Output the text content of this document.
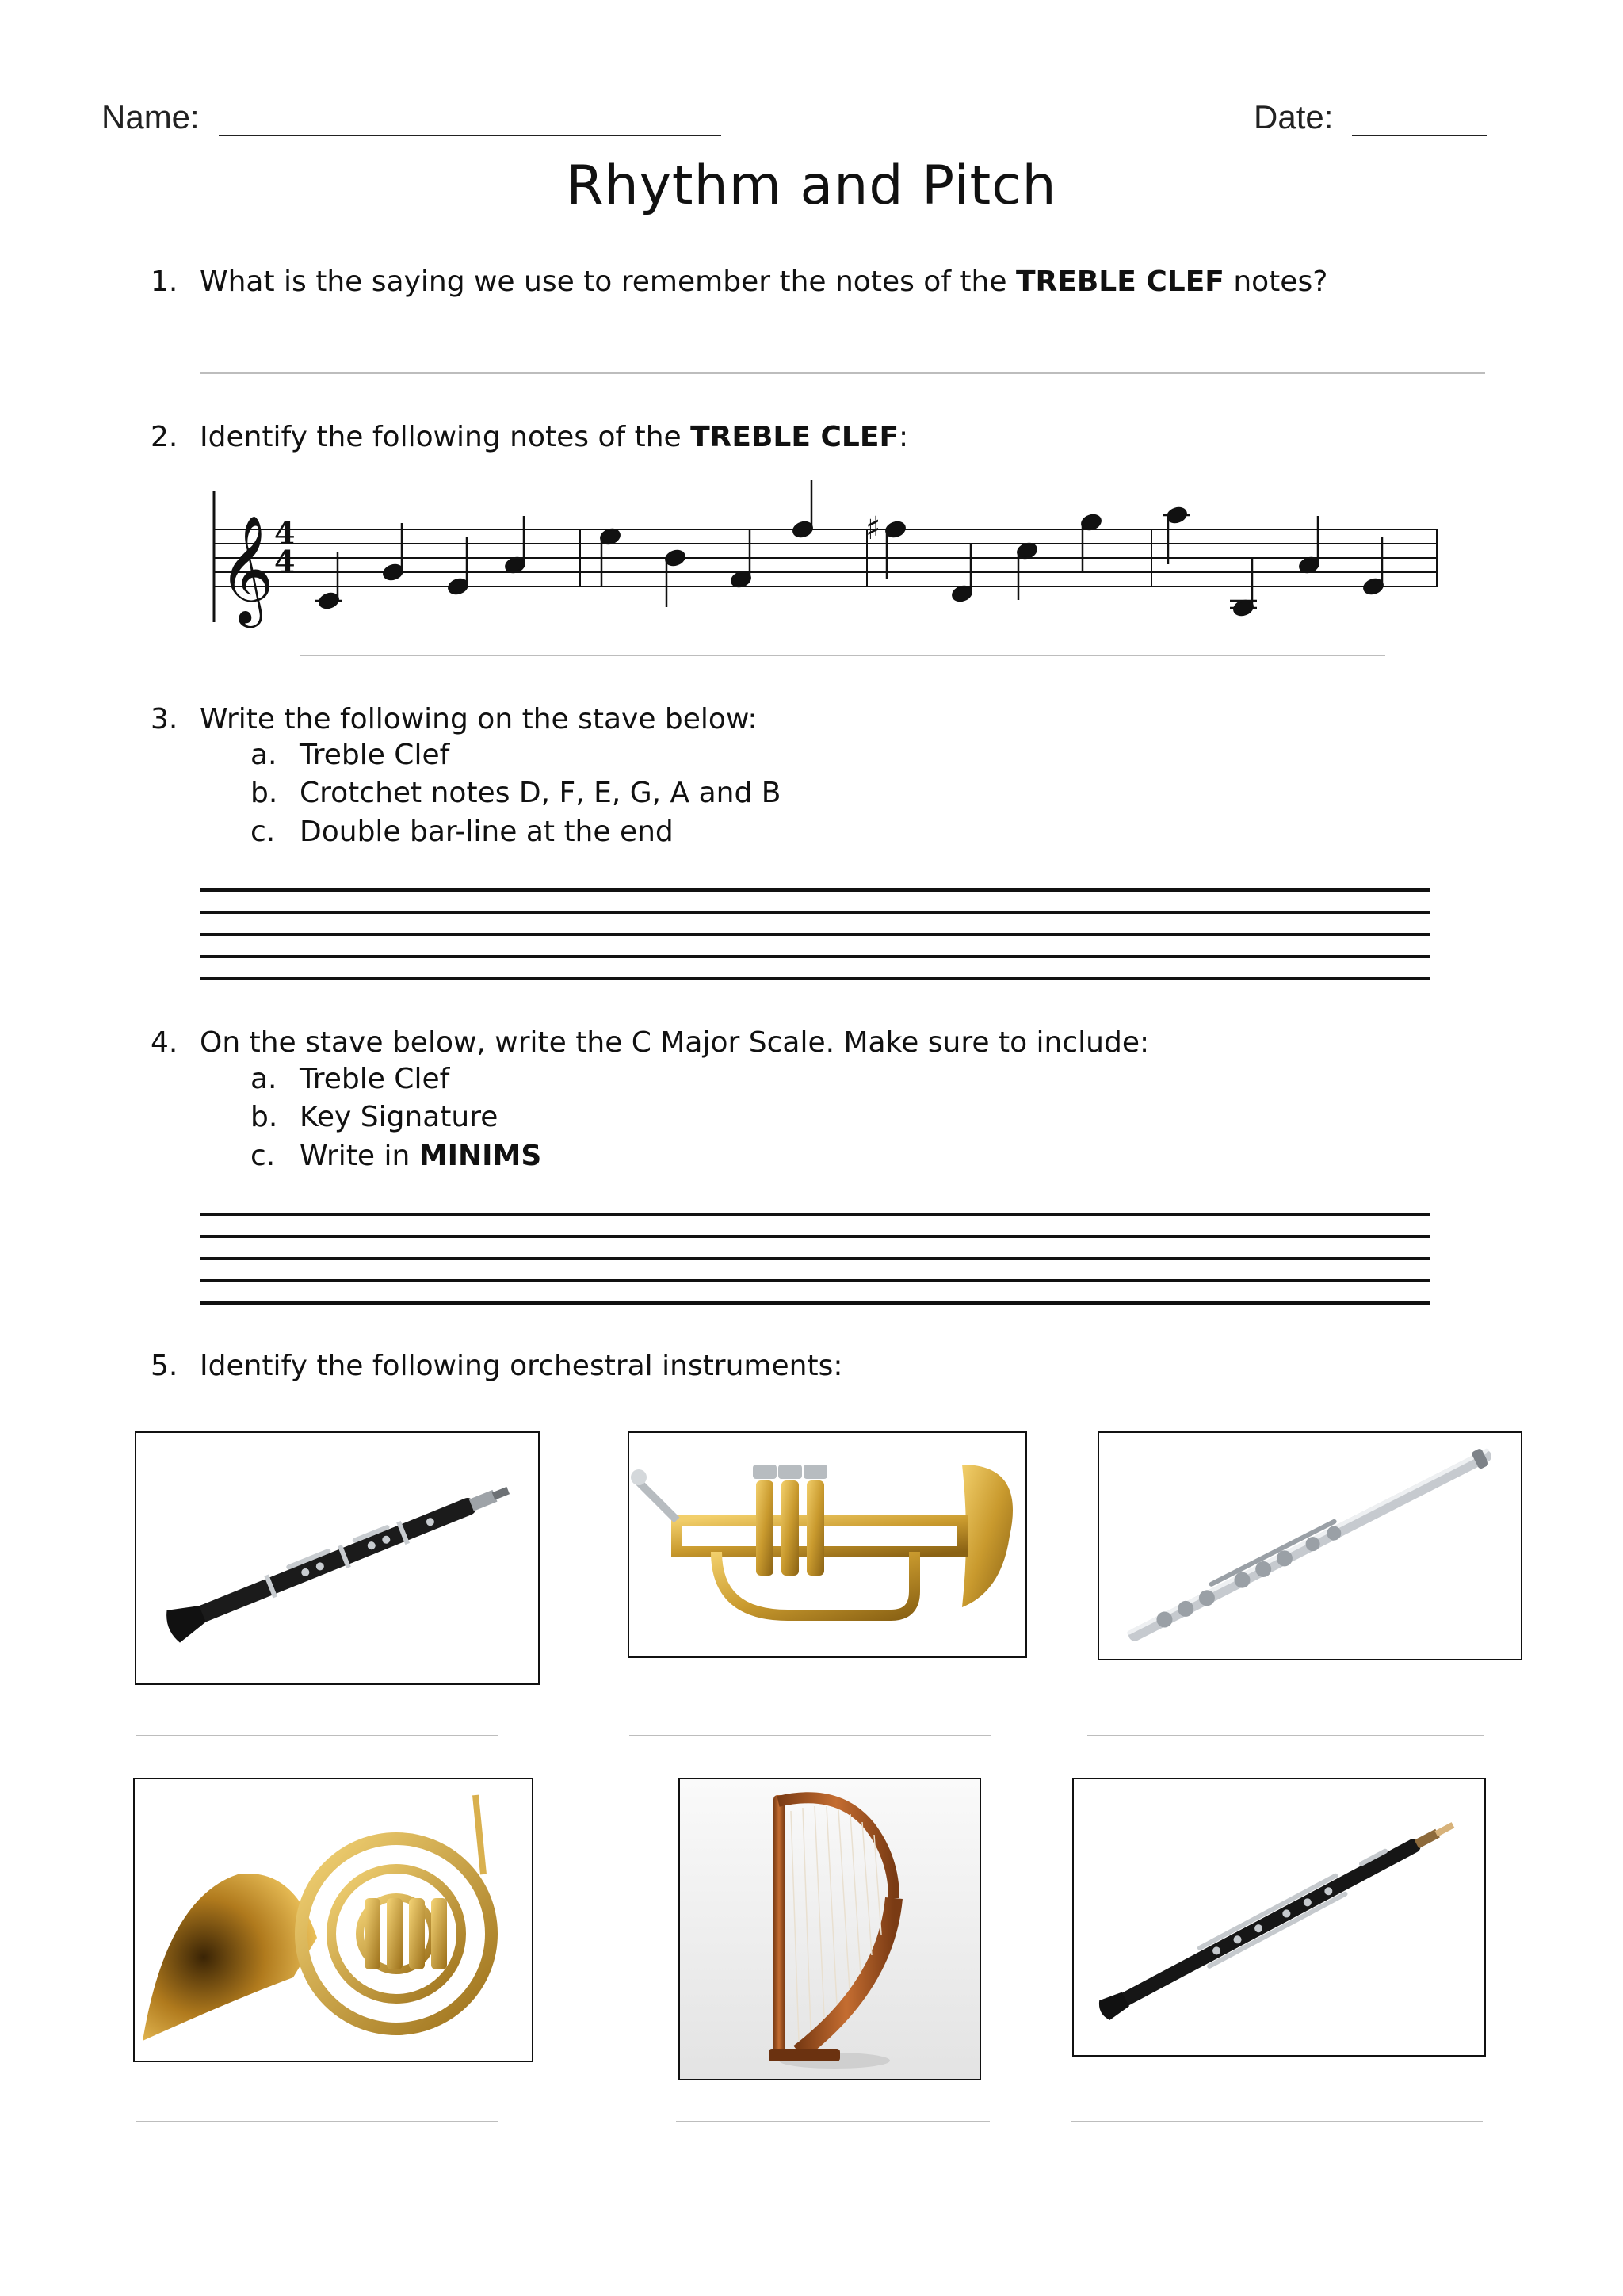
Name:	Date:
Rhythm and Pitch
1. What is the saying we use to remember the notes of the TREBLE CLEF notes?
2. Identify the following notes of the TREBLE CLEF:
𝄞 4
4
♯
3. Write the following on the stave below:
a. Treble Clef
b. Crotchet notes D, F, E, G, A and B
c. Double bar-line at the end
4. On the stave below, write the C Major Scale. Make sure to include:
a. Treble Clef
b. Key Signature
c. Write in MINIMS
5. Identify the following orchestral instruments:
